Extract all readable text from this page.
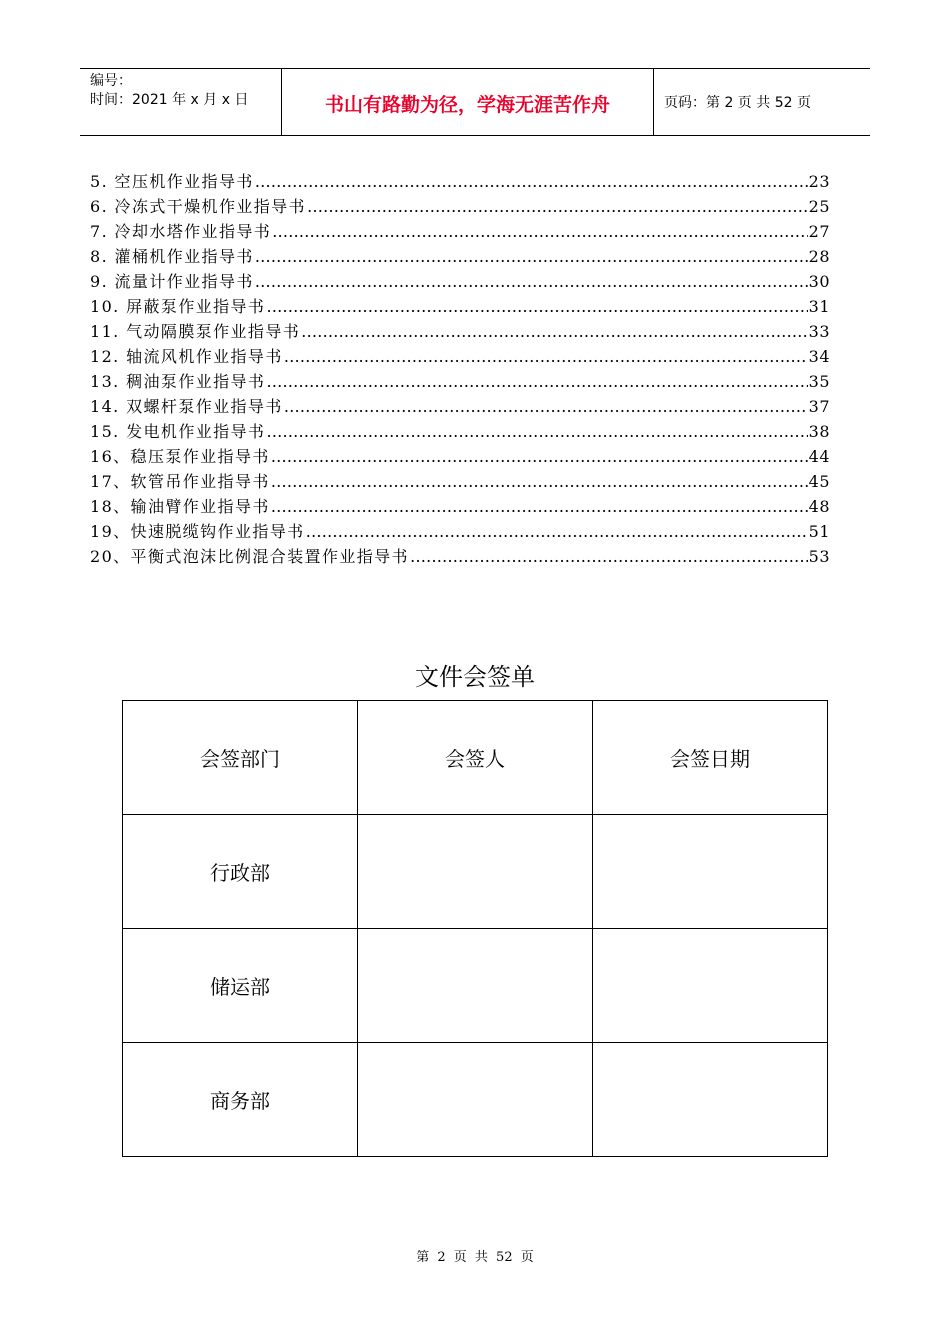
编号：
时间：2021 年 x 月 x 日	书山有路勤为径，学海无涯苦作舟	页码：第 2 页 共 52 页
5. 空压机作业指导书 …………………………………………………………………………………………………………………………………………………………………………………………………………………………………………	23
6. 冷冻式干燥机作业指导书 …………………………………………………………………………………………………………………………………………………………………………………………………………………………………………	25
7. 冷却水塔作业指导书 …………………………………………………………………………………………………………………………………………………………………………………………………………………………………………	27
8. 灌桶机作业指导书 …………………………………………………………………………………………………………………………………………………………………………………………………………………………………………	28
9. 流量计作业指导书 …………………………………………………………………………………………………………………………………………………………………………………………………………………………………………	30
10. 屏蔽泵作业指导书 …………………………………………………………………………………………………………………………………………………………………………………………………………………………………………	31
11. 气动隔膜泵作业指导书 …………………………………………………………………………………………………………………………………………………………………………………………………………………………………………	33
12. 轴流风机作业指导书 …………………………………………………………………………………………………………………………………………………………………………………………………………………………………………	34
13. 稠油泵作业指导书 …………………………………………………………………………………………………………………………………………………………………………………………………………………………………………	35
14. 双螺杆泵作业指导书 …………………………………………………………………………………………………………………………………………………………………………………………………………………………………………	37
15. 发电机作业指导书 …………………………………………………………………………………………………………………………………………………………………………………………………………………………………………	38
16、稳压泵作业指导书 …………………………………………………………………………………………………………………………………………………………………………………………………………………………………………	44
17、软管吊作业指导书 …………………………………………………………………………………………………………………………………………………………………………………………………………………………………………	45
18、输油臂作业指导书 …………………………………………………………………………………………………………………………………………………………………………………………………………………………………………	48
19、快速脱缆钩作业指导书 …………………………………………………………………………………………………………………………………………………………………………………………………………………………………………	51
20、平衡式泡沫比例混合装置作业指导书 …………………………………………………………………………………………………………………………………………………………………………………………………………………………………………	53
文件会签单
会签部门	会签人	会签日期
行政部		
储运部		
商务部		
第 2 页 共 52 页
